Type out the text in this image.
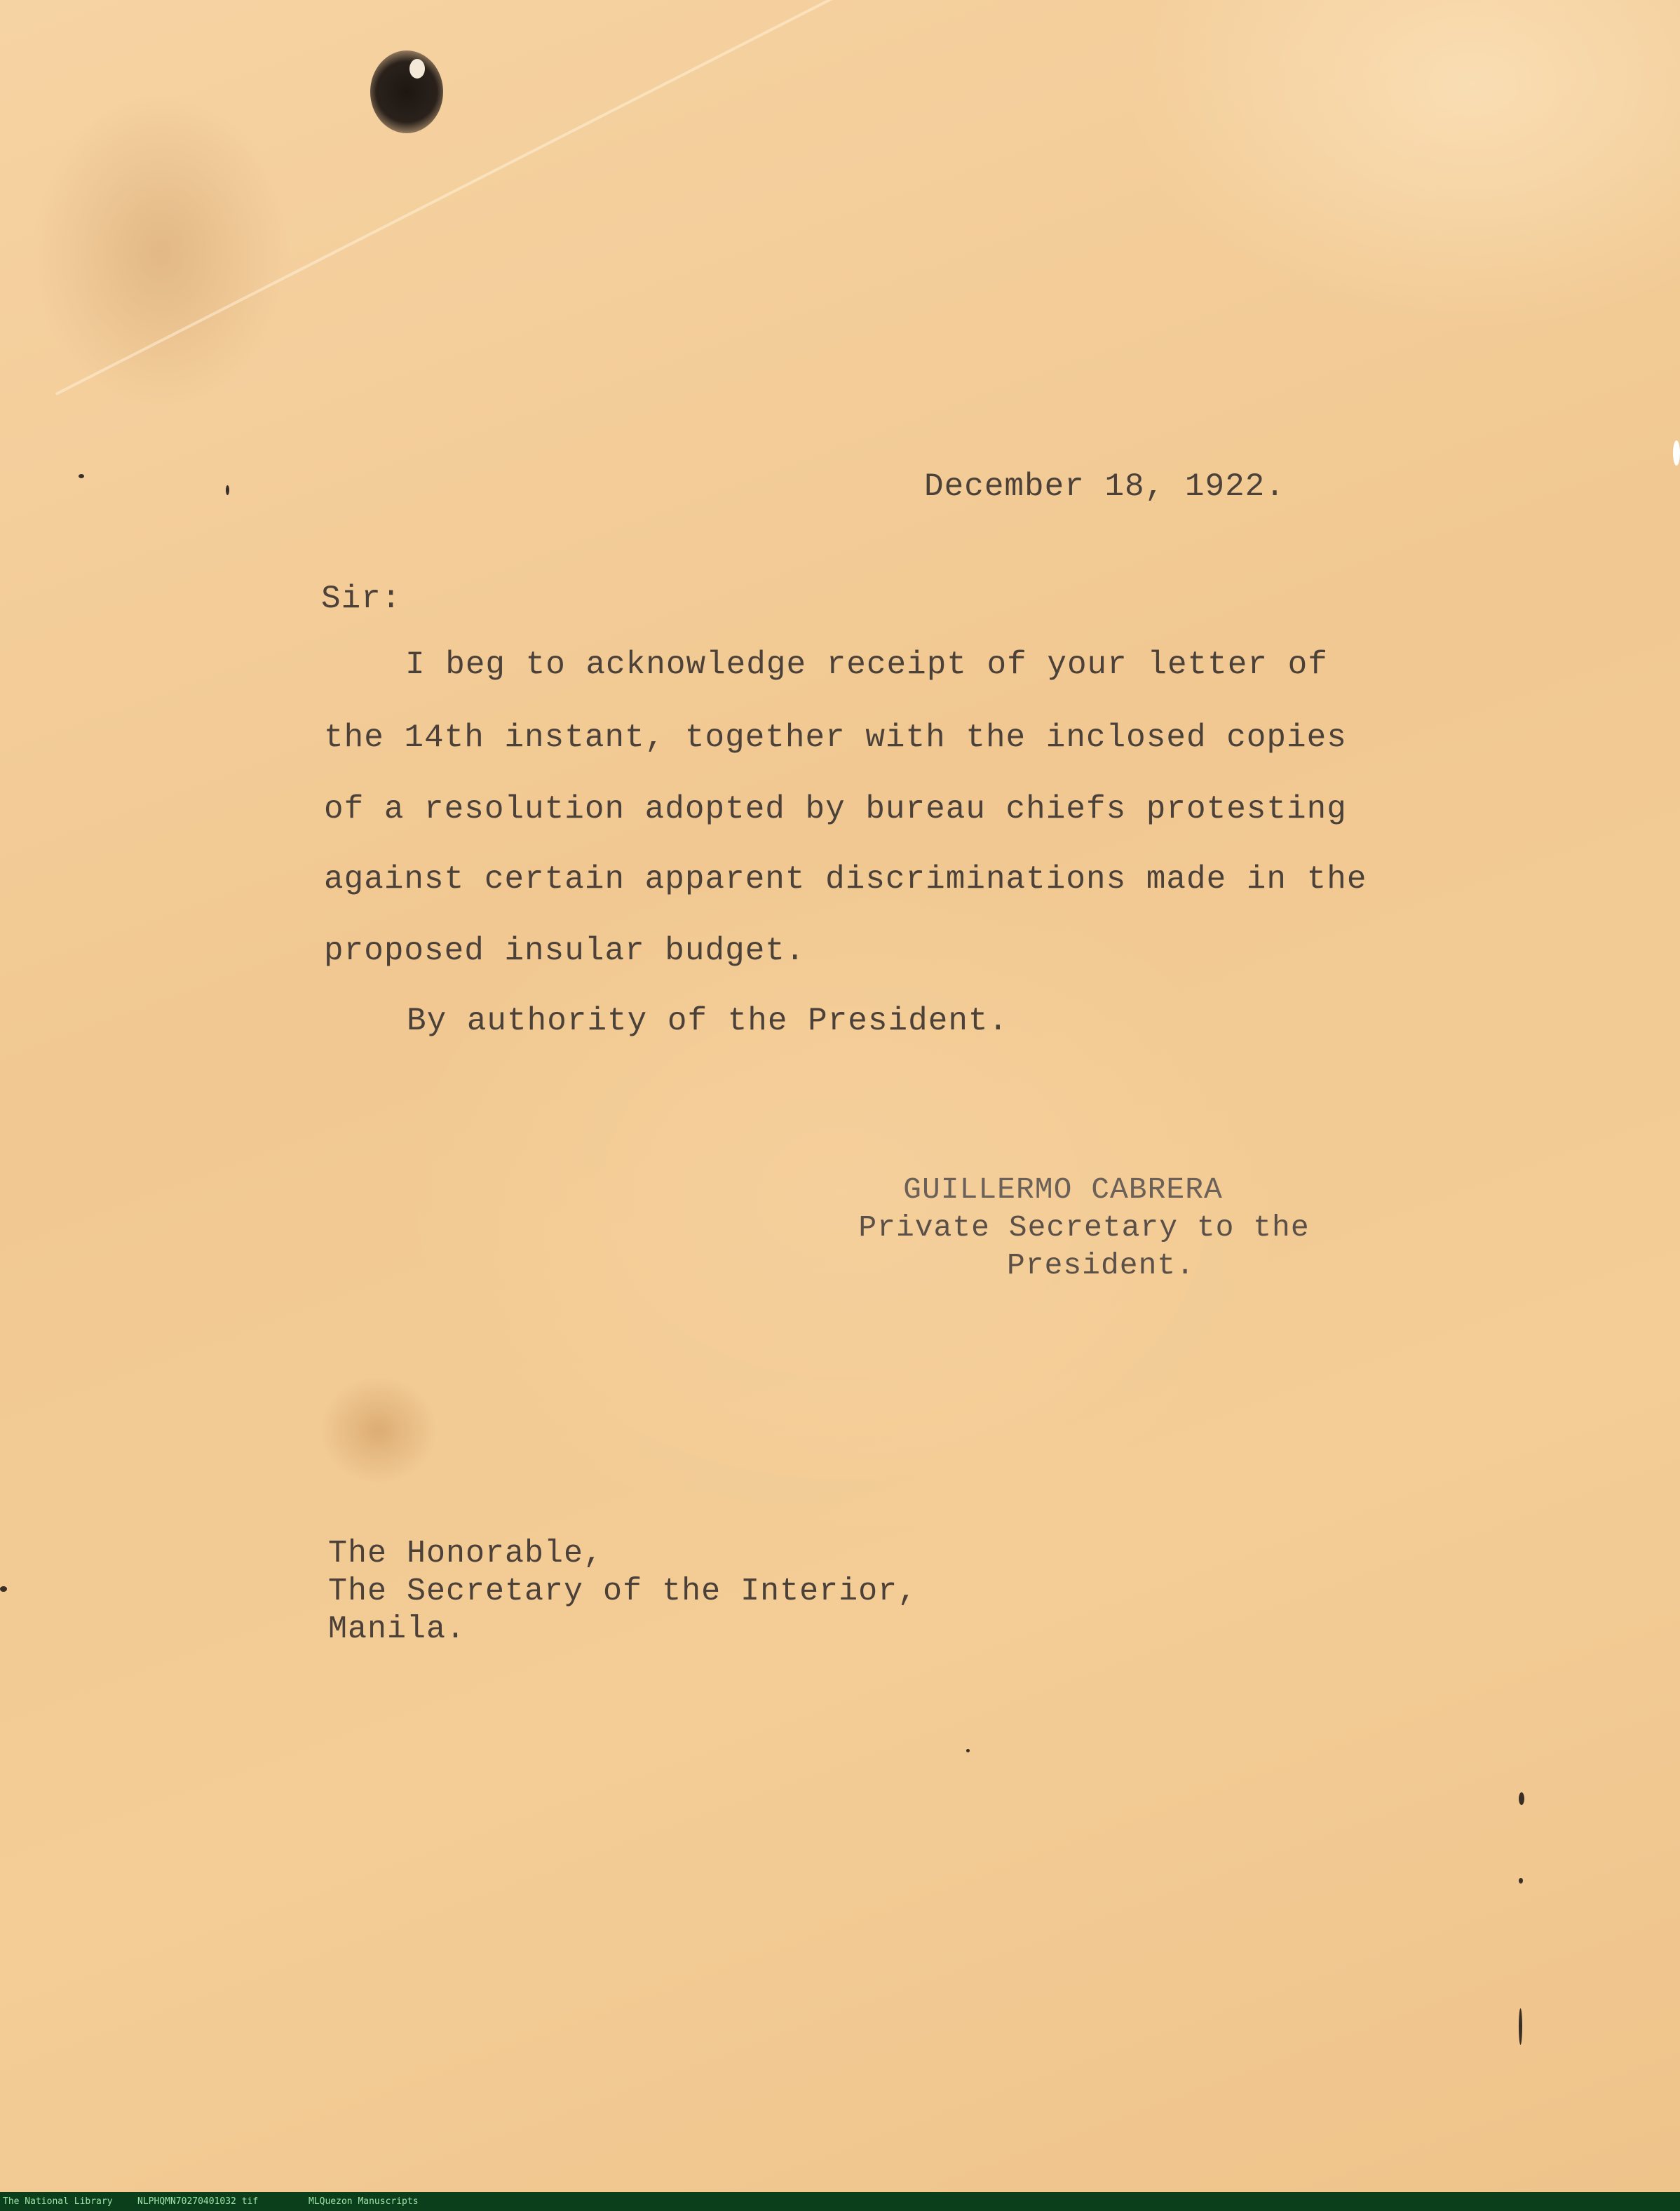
December 18, 1922.
Sir:
I beg to acknowledge receipt of your letter of
the 14th instant, together with the inclosed copies
of a resolution adopted by bureau chiefs protesting
against certain apparent discriminations made in the
proposed insular budget.
By authority of the President.
GUILLERMO CABRERA
Private Secretary to the
President.
The Honorable,
The Secretary of the Interior,
Manila.

The National Library

	NLPHQMN70270401032 tif

	MLQuezon Manuscripts
